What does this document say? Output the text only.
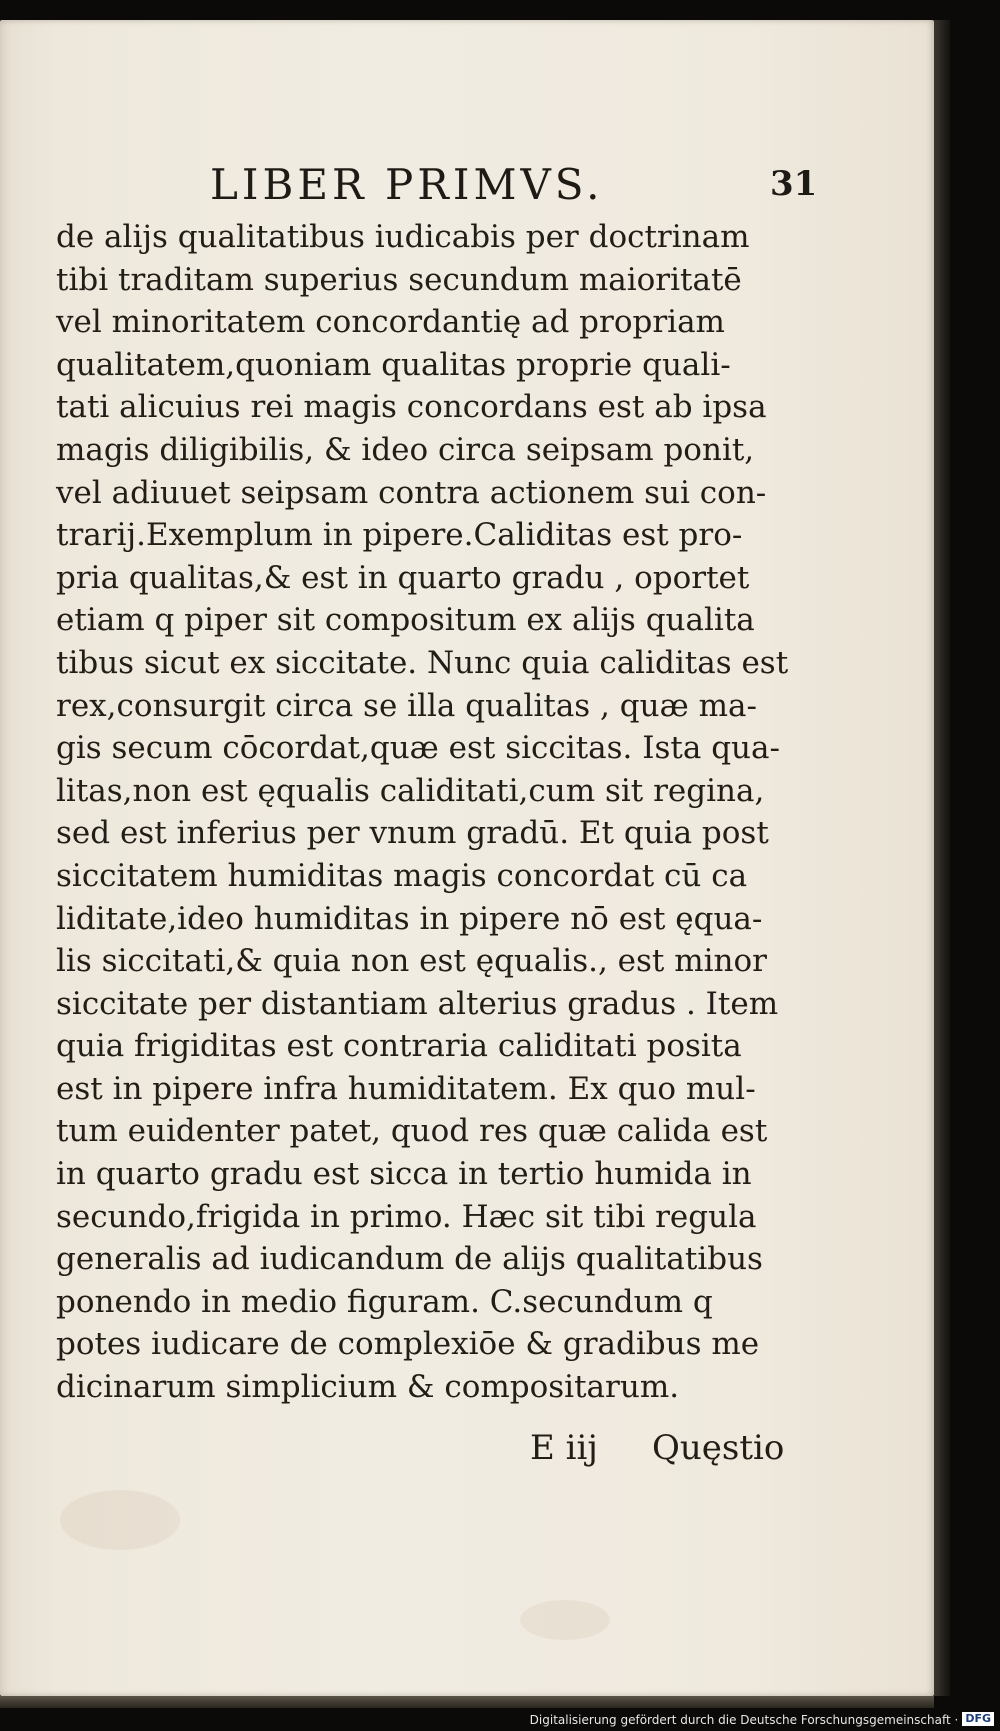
LIBER PRIMVS.	31
de alijs qualitatibus iudicabis per doctrinam
tibi traditam superius secundum maioritatē
vel minoritatem concordantię ad propriam
qualitatem,quoniam qualitas proprie quali-
tati alicuius rei magis concordans est ab ipsa
magis diligibilis, & ideo circa seipsam ponit,
vel adiuuet seipsam contra actionem sui con-
trarij.Exemplum in pipere.Caliditas est pro-
pria qualitas,& est in quarto gradu , oportet
etiam q piper sit compositum ex alijs qualita
tibus sicut ex siccitate. Nunc quia caliditas est
rex,consurgit circa se illa qualitas , quæ ma-
gis secum cōcordat,quæ est siccitas. Ista qua-
litas,non est ęqualis caliditati,cum sit regina,
sed est inferius per vnum gradū. Et quia post
siccitatem humiditas magis concordat cū ca
liditate,ideo humiditas in pipere nō est ęqua-
lis siccitati,& quia non est ęqualis., est minor
siccitate per distantiam alterius gradus . Item
quia frigiditas est contraria caliditati posita
est in pipere infra humiditatem. Ex quo mul-
tum euidenter patet, quod res quæ calida est
in quarto gradu est sicca in tertio humida in
secundo,frigida in primo. Hæc sit tibi regula
generalis ad iudicandum de alijs qualitatibus
ponendo in medio figuram. C.secundum q
potes iudicare de complexiōe & gradibus me
dicinarum simplicium & compositarum.
E iij Quęstio
Digitalisierung gefördert durch die Deutsche Forschungsgemeinschaft · DFG
